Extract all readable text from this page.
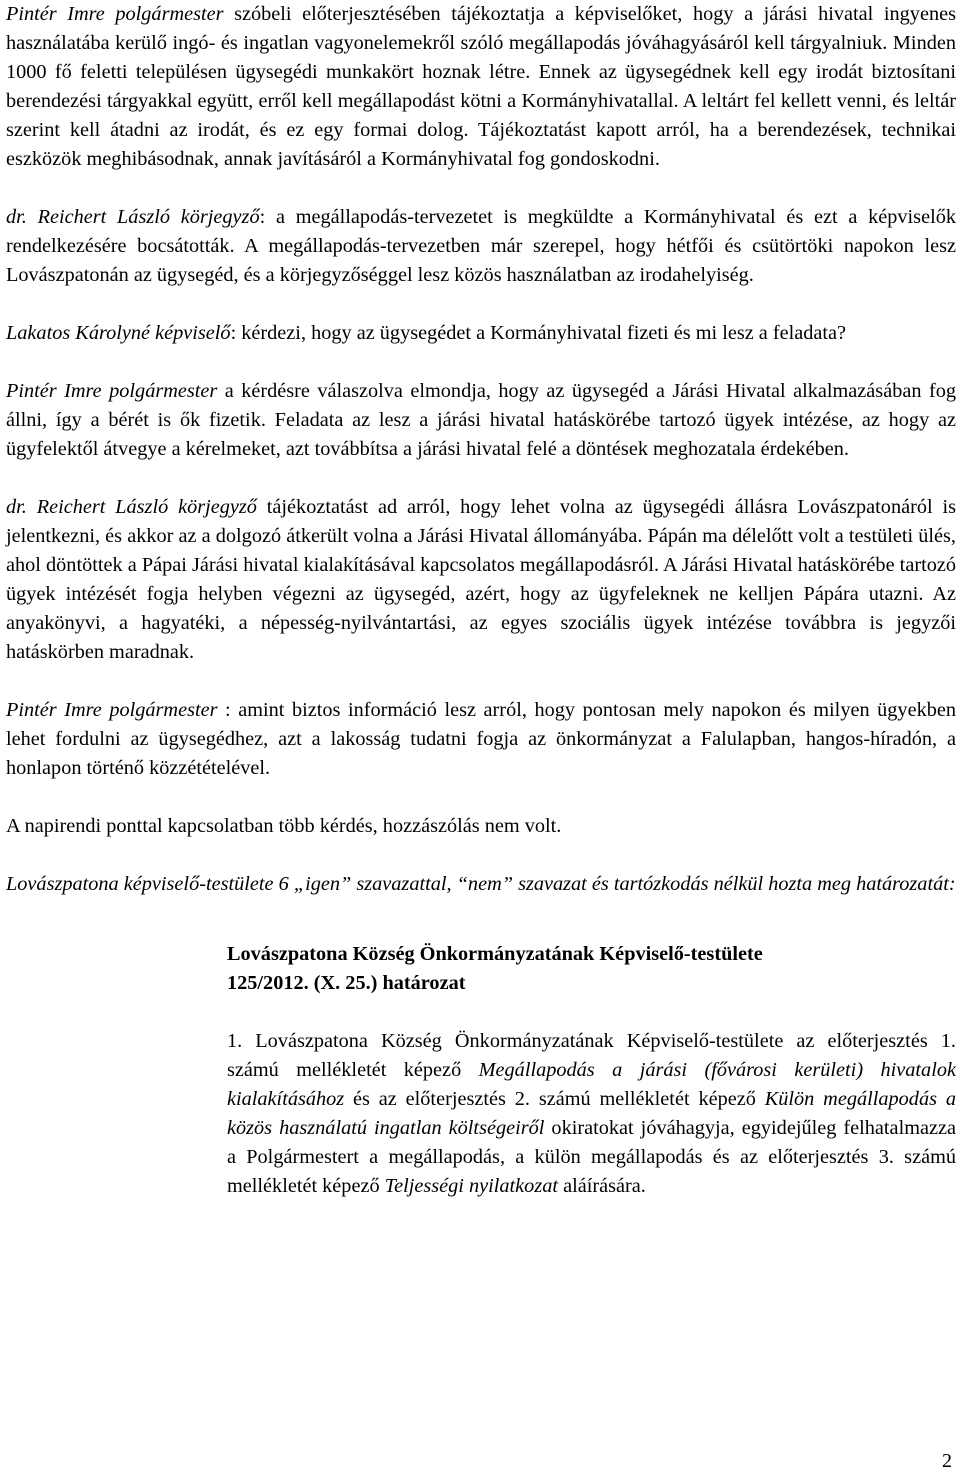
Pintér Imre polgármester szóbeli előterjesztésében tájékoztatja a képviselőket, hogy a járási hivatal ingyenes használatába kerülő ingó- és ingatlan vagyonelemekről szóló megállapodás jóváhagyásáról kell tárgyalniuk. Minden 1000 fő feletti településen ügysegédi munkakört hoznak létre. Ennek az ügysegédnek kell egy irodát biztosítani berendezési tárgyakkal együtt, erről kell megállapodást kötni a Kormányhivatallal. A leltárt fel kellett venni, és leltár szerint kell átadni az irodát, és ez egy formai dolog. Tájékoztatást kapott arról, ha a berendezések, technikai eszközök meghibásodnak, annak javításáról a Kormányhivatal fog gondoskodni.

dr. Reichert László körjegyző: a megállapodás-tervezetet is megküldte a Kormányhivatal és ezt a képviselők rendelkezésére bocsátották. A megállapodás-tervezetben már szerepel, hogy hétfői és csütörtöki napokon lesz Lovászpatonán az ügysegéd, és a körjegyzőséggel lesz közös használatban az irodahelyiség.

Lakatos Károlyné képviselő: kérdezi, hogy az ügysegédet a Kormányhivatal fizeti és mi lesz a feladata?

Pintér Imre polgármester a kérdésre válaszolva elmondja, hogy az ügysegéd a Járási Hivatal alkalmazásában fog állni, így a bérét is ők fizetik. Feladata az lesz a járási hivatal hatáskörébe tartozó ügyek intézése, az hogy az ügyfelektől átvegye a kérelmeket, azt továbbítsa a járási hivatal felé a döntések meghozatala érdekében.

dr. Reichert László körjegyző tájékoztatást ad arról, hogy lehet volna az ügysegédi állásra Lovászpatonáról is jelentkezni, és akkor az a dolgozó átkerült volna a Járási Hivatal állományába. Pápán ma délelőtt volt a testületi ülés, ahol döntöttek a Pápai Járási hivatal kialakításával kapcsolatos megállapodásról. A Járási Hivatal hatáskörébe tartozó ügyek intézését fogja helyben végezni az ügysegéd, azért, hogy az ügyfeleknek ne kelljen Pápára utazni. Az anyakönyvi, a hagyatéki, a népesség-nyilvántartási, az egyes szociális ügyek intézése továbbra is jegyzői hatáskörben maradnak.

Pintér Imre polgármester : amint biztos információ lesz arról, hogy pontosan mely napokon és milyen ügyekben lehet fordulni az ügysegédhez, azt a lakosság tudatni fogja az önkormányzat a Falulapban, hangos-híradón, a honlapon történő közzétételével.

A napirendi ponttal kapcsolatban több kérdés, hozzászólás nem volt.

Lovászpatona képviselő-testülete 6 „igen” szavazattal, “nem” szavazat és tartózkodás nélkül hozta meg határozatát:

Lovászpatona Község Önkormányzatának Képviselő-testülete
125/2012. (X. 25.) határozat

1. Lovászpatona Község Önkormányzatának Képviselő-testülete az előterjesztés 1. számú mellékletét képező Megállapodás a járási (fővárosi kerületi) hivatalok kialakításához és az előterjesztés 2. számú mellékletét képező Külön megállapodás a közös használatú ingatlan költségeiről okiratokat jóváhagyja, egyidejűleg felhatalmazza a Polgármestert a megállapodás, a külön megállapodás és az előterjesztés 3. számú mellékletét képező Teljességi nyilatkozat aláírására.

2
